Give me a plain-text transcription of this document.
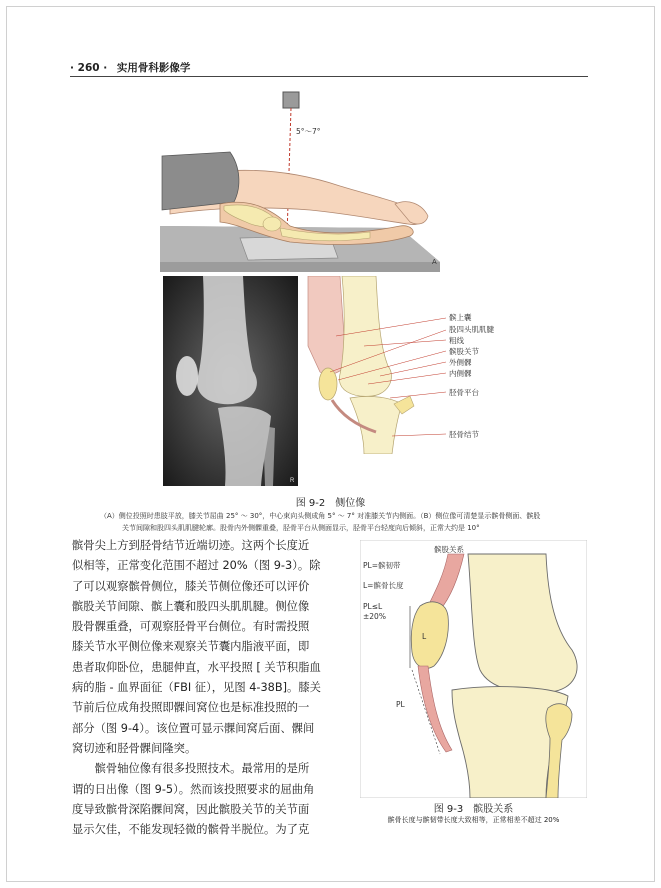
· 260 · 实用骨科影像学
A
5°～7°
R
髌上囊
股四头肌肌腱
粗线
髌股关节
外侧髁
内侧髁
胫骨平台
胫骨结节
图 9-2　侧位像
（A）侧位投照时患肢平放，膝关节屈曲 25° ～ 30°，中心束向头侧成角 5° ～ 7° 对准膝关节内侧面。（B）侧位像可清楚显示髌骨侧面、髌股
关节间隙和股四头肌肌腱轮廓。股骨内外侧髁重叠，胫骨平台从侧面显示，胫骨平台轻度向后倾斜，正常大约是 10°
髌骨尖上方到胫骨结节近端切迹。这两个长度近
似相等，正常变化范围不超过 20%（图 9-3）。除
了可以观察髌骨侧位，膝关节侧位像还可以评价
髌股关节间隙、髌上囊和股四头肌肌腱。侧位像
股骨髁重叠，可观察胫骨平台侧位。有时需投照
膝关节水平侧位像来观察关节囊内脂液平面，即
患者取仰卧位，患腿伸直，水平投照 [ 关节积脂血
病的脂 - 血界面征（FBI 征），见图 4-38B]。膝关
节前后位成角投照即髁间窝位也是标准投照的一
部分（图 9-4）。该位置可显示髁间窝后面、髁间
窝切迹和胫骨髁间隆突。
　　髌骨轴位像有很多投照技术。最常用的是所
谓的日出像（图 9-5）。然而该投照要求的屈曲角
度导致髌骨深陷髁间窝，因此髌股关节的关节面
显示欠佳，不能发现轻微的髌骨半脱位。为了克
髌股关系
PL=髌韧带
L=髌骨长度
PL≤L
±20%
L
PL
图 9-3　髌股关系
髌骨长度与髌韧带长度大致相等，正常相差不超过 20%
